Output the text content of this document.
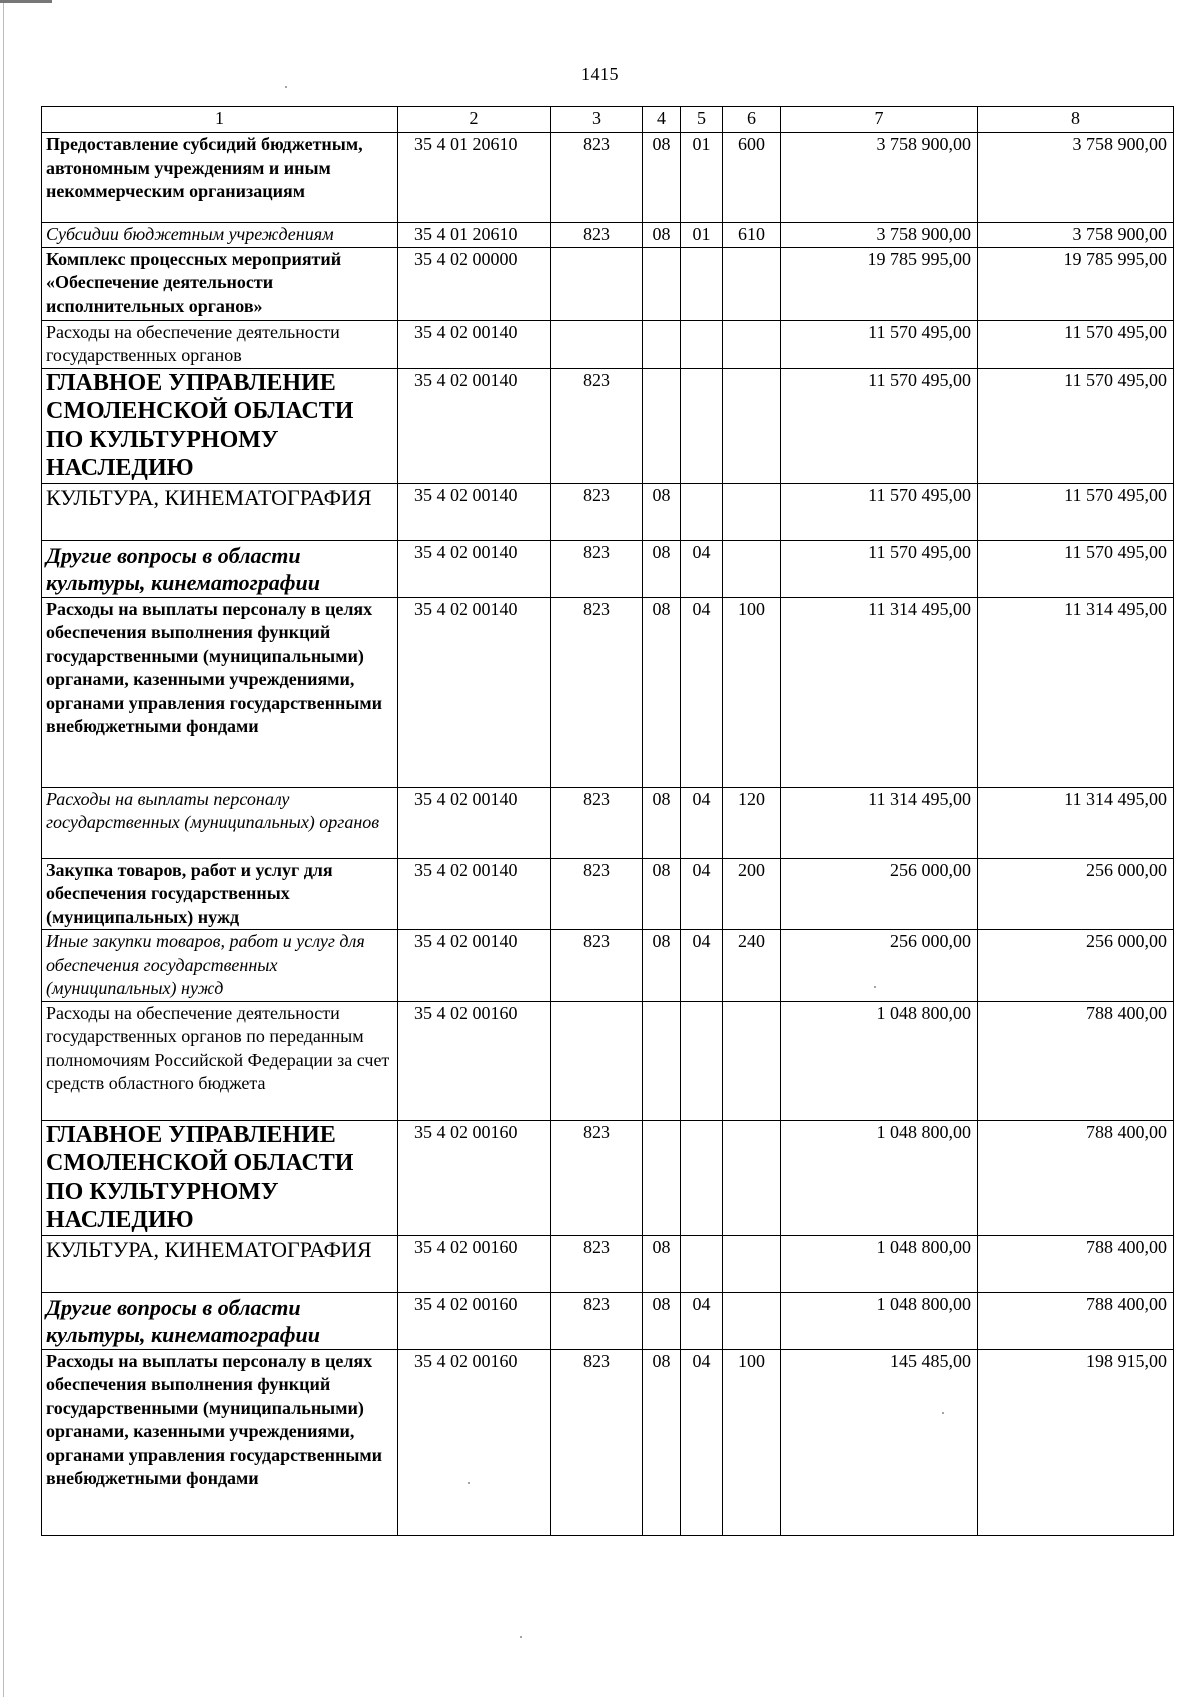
1415
1	2	3	4	5	6	7	8
Предоставление субсидий бюджетным, автономным учреждениям и иным некоммерческим организациям	35 4 01 20610	823	08	01	600	3 758 900,00	3 758 900,00
Субсидии бюджетным учреждениям	35 4 01 20610	823	08	01	610	3 758 900,00	3 758 900,00
Комплекс процессных мероприятий «Обеспечение деятельности исполнительных органов»	35 4 02 00000					19 785 995,00	19 785 995,00
Расходы на обеспечение деятельности государственных органов	35 4 02 00140					11 570 495,00	11 570 495,00
ГЛАВНОЕ УПРАВЛЕНИЕ СМОЛЕНСКОЙ ОБЛАСТИ ПО КУЛЬТУРНОМУ НАСЛЕДИЮ	35 4 02 00140	823				11 570 495,00	11 570 495,00
КУЛЬТУРА, КИНЕМАТОГРАФИЯ	35 4 02 00140	823	08			11 570 495,00	11 570 495,00
Другие вопросы в области культуры, кинематографии	35 4 02 00140	823	08	04		11 570 495,00	11 570 495,00
Расходы на выплаты персоналу в целях обеспечения выполнения функций государственными (муниципальными) органами, казенными учреждениями, органами управления государственными внебюджетными фондами	35 4 02 00140	823	08	04	100	11 314 495,00	11 314 495,00
Расходы на выплаты персоналу государственных (муниципальных) органов	35 4 02 00140	823	08	04	120	11 314 495,00	11 314 495,00
Закупка товаров, работ и услуг для обеспечения государственных (муниципальных) нужд	35 4 02 00140	823	08	04	200	256 000,00	256 000,00
Иные закупки товаров, работ и услуг для обеспечения государственных (муниципальных) нужд	35 4 02 00140	823	08	04	240	256 000,00	256 000,00
Расходы на обеспечение деятельности государственных органов по переданным полномочиям Российской Федерации за счет средств областного бюджета	35 4 02 00160					1 048 800,00	788 400,00
ГЛАВНОЕ УПРАВЛЕНИЕ СМОЛЕНСКОЙ ОБЛАСТИ ПО КУЛЬТУРНОМУ НАСЛЕДИЮ	35 4 02 00160	823				1 048 800,00	788 400,00
КУЛЬТУРА, КИНЕМАТОГРАФИЯ	35 4 02 00160	823	08			1 048 800,00	788 400,00
Другие вопросы в области культуры, кинематографии	35 4 02 00160	823	08	04		1 048 800,00	788 400,00
Расходы на выплаты персоналу в целях обеспечения выполнения функций государственными (муниципальными) органами, казенными учреждениями, органами управления государственными внебюджетными фондами	35 4 02 00160	823	08	04	100	145 485,00	198 915,00
